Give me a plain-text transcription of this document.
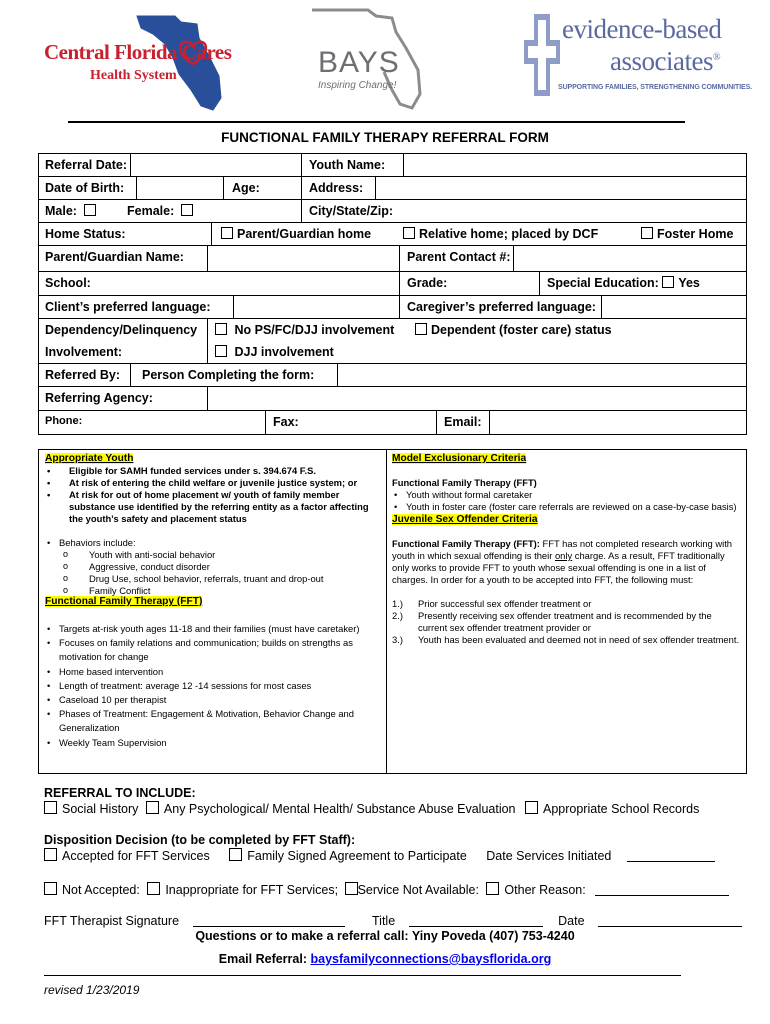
Central Florida Cares
Health System	BAYS
Inspiring Change!
evidence-based
associates®
SUPPORTING FAMILIES, STRENGTHENING COMMUNITIES.
FUNCTIONAL FAMILY THERAPY REFERRAL FORM
Referral Date:	Youth Name:
Date of Birth:	Age:	Address:
Male:	Female:	City/State/Zip:
Home Status:	Parent/Guardian home	Relative home; placed by DCF	Foster Home
Parent/Guardian Name:	Parent Contact #:
School:	Grade:	Special Education: Yes
Client’s preferred language:	Caregiver’s preferred language:
Dependency/Delinquency	No PS/FC/DJJ involvement	Dependent (foster care) status
Involvement:	DJJ involvement
Referred By: Person Completing the form:
Referring Agency:
Phone:	Fax:	Email:
Appropriate Youth
• Eligible for SAMH funded services under s. 394.674 F.S.
• At risk of entering the child welfare or juvenile justice system; or
• At risk for out of home placement w/ youth of family member substance use identified by the referring entity as a factor affecting the youth’s safety and placement status
• Behaviors include:
o Youth with anti-social behavior
o Aggressive, conduct disorder
o Drug Use, school behavior, referrals, truant and drop-out
o Family Conflict
Functional Family Therapy (FFT)
• Targets at-risk youth ages 11-18 and their families (must have caretaker)
• Focuses on family relations and communication; builds on strengths as motivation for change
• Home based intervention
• Length of treatment: average 12 -14 sessions for most cases
• Caseload 10 per therapist
• Phases of Treatment: Engagement & Motivation, Behavior Change and Generalization
• Weekly Team Supervision
Model Exclusionary Criteria
Functional Family Therapy (FFT)
• Youth without formal caretaker
• Youth in foster care (foster care referrals are reviewed on a case-by-case basis)
Juvenile Sex Offender Criteria
Functional Family Therapy (FFT): FFT has not completed research working with youth in which sexual offending is their only charge. As a result, FFT traditionally only works to provide FFT to youth whose sexual offending is one in a list of charges. In order for a youth to be accepted into FFT, the following must:
1.) Prior successful sex offender treatment or
2.) Presently receiving sex offender treatment and is recommended by the current sex offender treatment provider or
3.) Youth has been evaluated and deemed not in need of sex offender treatment.
REFERRAL TO INCLUDE:
Social History Any Psychological/ Mental Health/ Substance Abuse Evaluation Appropriate School Records
Disposition Decision (to be completed by FFT Staff):
Accepted for FFT Services	Family Signed Agreement to Participate Date Services Initiated
Not Accepted: Inappropriate for FFT Services; Service Not Available: Other Reason:
FFT Therapist Signature	Title	Date
Questions or to make a referral call: Yiny Poveda (407) 753-4240
Email Referral: baysfamilyconnections@baysflorida.org
revised 1/23/2019
